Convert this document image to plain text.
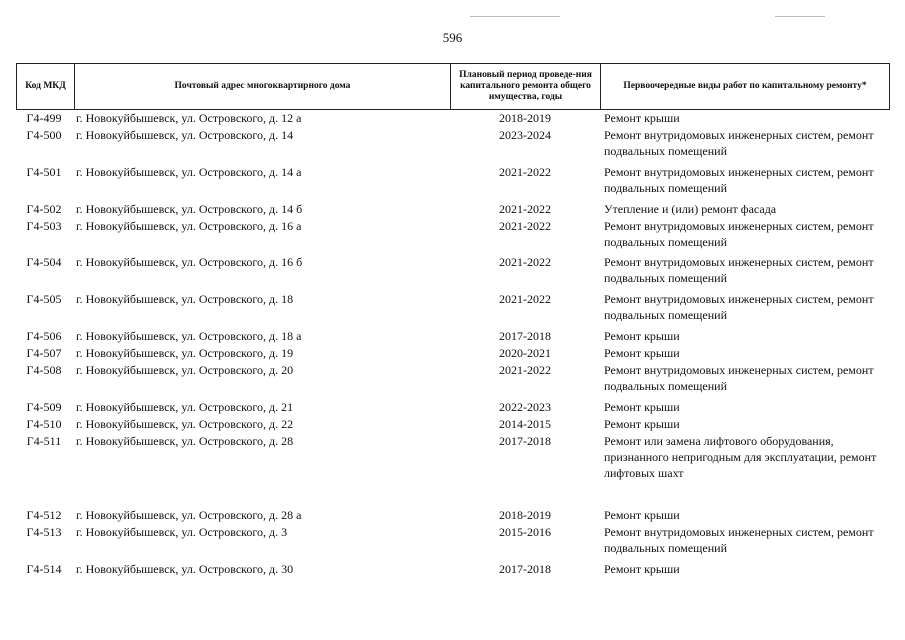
596
Код МКД	Почтовый адрес многоквартирного дома	Плановый период проведе-ния капитального ремонта общего имущества, годы	Первоочередные виды работ по капитальному ремонту*
Г4-499	г. Новокуйбышевск, ул. Островского, д. 12 а	2018-2019	Ремонт крыши
Г4-500	г. Новокуйбышевск, ул. Островского, д. 14	2023-2024	Ремонт внутридомовых инженерных систем, ремонт подвальных помещений
Г4-501	г. Новокуйбышевск, ул. Островского, д. 14 а	2021-2022	Ремонт внутридомовых инженерных систем, ремонт подвальных помещений
Г4-502	г. Новокуйбышевск, ул. Островского, д. 14 б	2021-2022	Утепление и (или) ремонт фасада
Г4-503	г. Новокуйбышевск, ул. Островского, д. 16 а	2021-2022	Ремонт внутридомовых инженерных систем, ремонт подвальных помещений
Г4-504	г. Новокуйбышевск, ул. Островского, д. 16 б	2021-2022	Ремонт внутридомовых инженерных систем, ремонт подвальных помещений
Г4-505	г. Новокуйбышевск, ул. Островского, д. 18	2021-2022	Ремонт внутридомовых инженерных систем, ремонт подвальных помещений
Г4-506	г. Новокуйбышевск, ул. Островского, д. 18 а	2017-2018	Ремонт крыши
Г4-507	г. Новокуйбышевск, ул. Островского, д. 19	2020-2021	Ремонт крыши
Г4-508	г. Новокуйбышевск, ул. Островского, д. 20	2021-2022	Ремонт внутридомовых инженерных систем, ремонт подвальных помещений
Г4-509	г. Новокуйбышевск, ул. Островского, д. 21	2022-2023	Ремонт крыши
Г4-510	г. Новокуйбышевск, ул. Островского, д. 22	2014-2015	Ремонт крыши
Г4-511	г. Новокуйбышевск, ул. Островского, д. 28	2017-2018	Ремонт или замена лифтового оборудования, признанного непригодным для эксплуатации, ремонт лифтовых шахт
Г4-512	г. Новокуйбышевск, ул. Островского, д. 28 а	2018-2019	Ремонт крыши
Г4-513	г. Новокуйбышевск, ул. Островского, д. 3	2015-2016	Ремонт внутридомовых инженерных систем, ремонт подвальных помещений
Г4-514	г. Новокуйбышевск, ул. Островского, д. 30	2017-2018	Ремонт крыши
